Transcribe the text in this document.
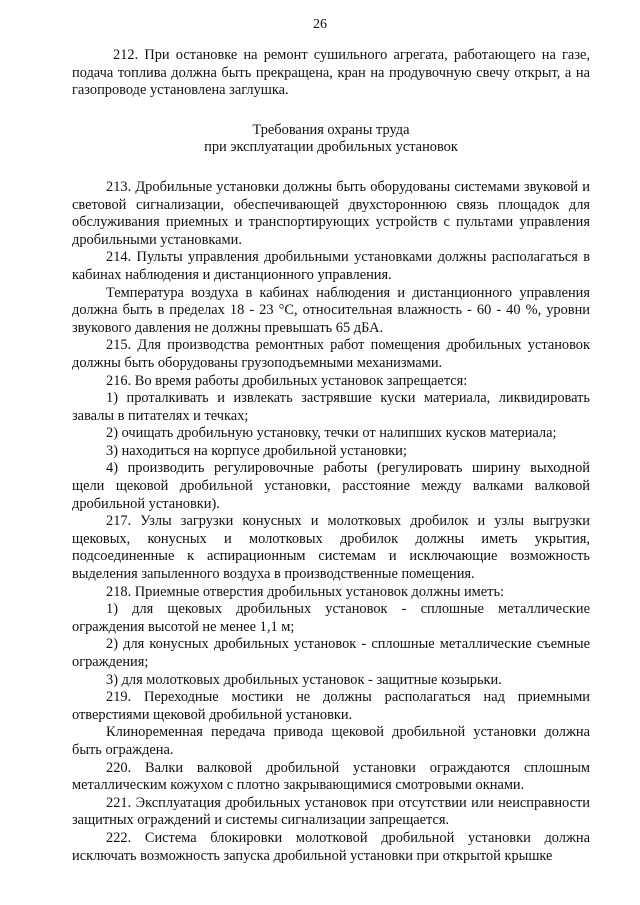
26

212. При остановке на ремонт сушильного агрегата, работающего на газе, подача топлива должна быть прекращена, кран на продувочную свечу открыт, а на газопроводе установлена заглушка.

Требования охраны труда
при эксплуатации дробильных установок

213. Дробильные установки должны быть оборудованы системами звуковой и световой сигнализации, обеспечивающей двухстороннюю связь площадок для обслуживания приемных и транспортирующих устройств с пультами управления дробильными установками.

214. Пульты управления дробильными установками должны располагаться в кабинах наблюдения и дистанционного управления.

Температура воздуха в кабинах наблюдения и дистанционного управления должна быть в пределах 18 - 23 °С, относительная влажность - 60 - 40 %, уровни звукового давления не должны превышать 65 дБА.

215. Для производства ремонтных работ помещения дробильных установок должны быть оборудованы грузоподъемными механизмами.

216. Во время работы дробильных установок запрещается:

1) проталкивать и извлекать застрявшие куски материала, ликвидировать завалы в питателях и течках;

2) очищать дробильную установку, течки от налипших кусков материала;

3) находиться на корпусе дробильной установки;

4) производить регулировочные работы (регулировать ширину выходной щели щековой дробильной установки, расстояние между валками валковой дробильной установки).

217. Узлы загрузки конусных и молотковых дробилок и узлы выгрузки щековых, конусных и молотковых дробилок должны иметь укрытия, подсоединенные к аспирационным системам и исключающие возможность выделения запыленного воздуха в производственные помещения.

218. Приемные отверстия дробильных установок должны иметь:

1) для щековых дробильных установок - сплошные металлические ограждения высотой не менее 1,1 м;

2) для конусных дробильных установок - сплошные металлические съемные ограждения;

3) для молотковых дробильных установок - защитные козырьки.

219. Переходные мостики не должны располагаться над приемными отверстиями щековой дробильной установки.

Клиноременная передача привода щековой дробильной установки должна быть ограждена.

220. Валки валковой дробильной установки ограждаются сплошным металлическим кожухом с плотно закрывающимися смотровыми окнами.

221. Эксплуатация дробильных установок при отсутствии или неисправности защитных ограждений и системы сигнализации запрещается.

222. Система блокировки молотковой дробильной установки должна исключать возможность запуска дробильной установки при открытой крышке
